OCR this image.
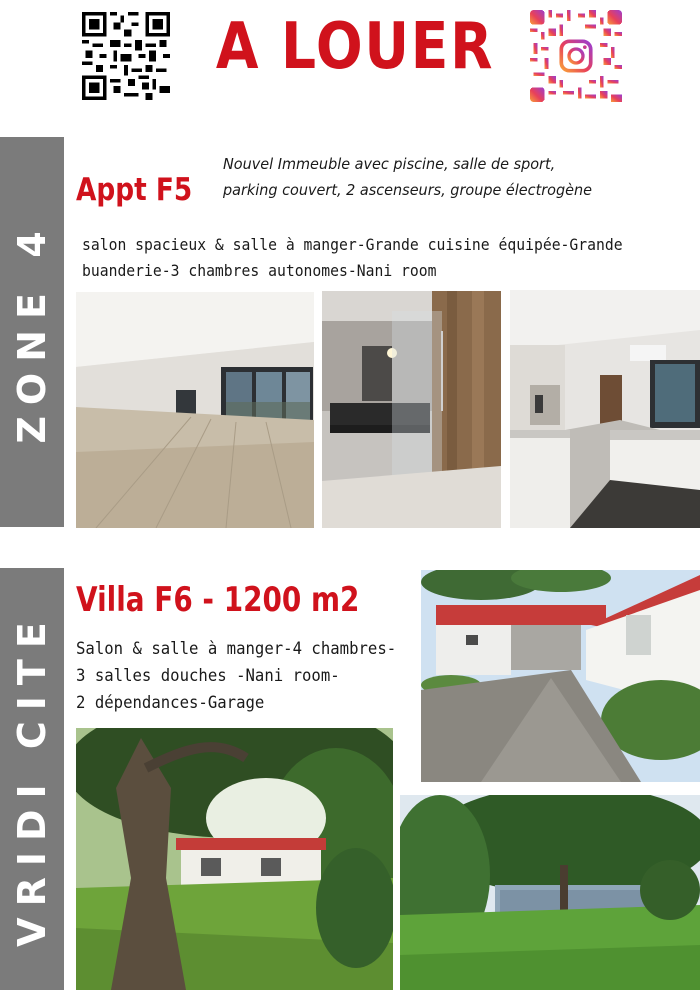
A LOUER
ZONE 4
Appt F5
Nouvel Immeuble avec piscine, salle de sport,
parking couvert, 2 ascenseurs, groupe électrogène
salon spacieux & salle à manger-Grande cuisine équipée-Grande
buanderie-3 chambres autonomes-Nani room
VRIDI CITE
Villa F6 - 1200 m2
Salon & salle à manger-4 chambres-
3 salles douches -Nani room-
2 dépendances-Garage
